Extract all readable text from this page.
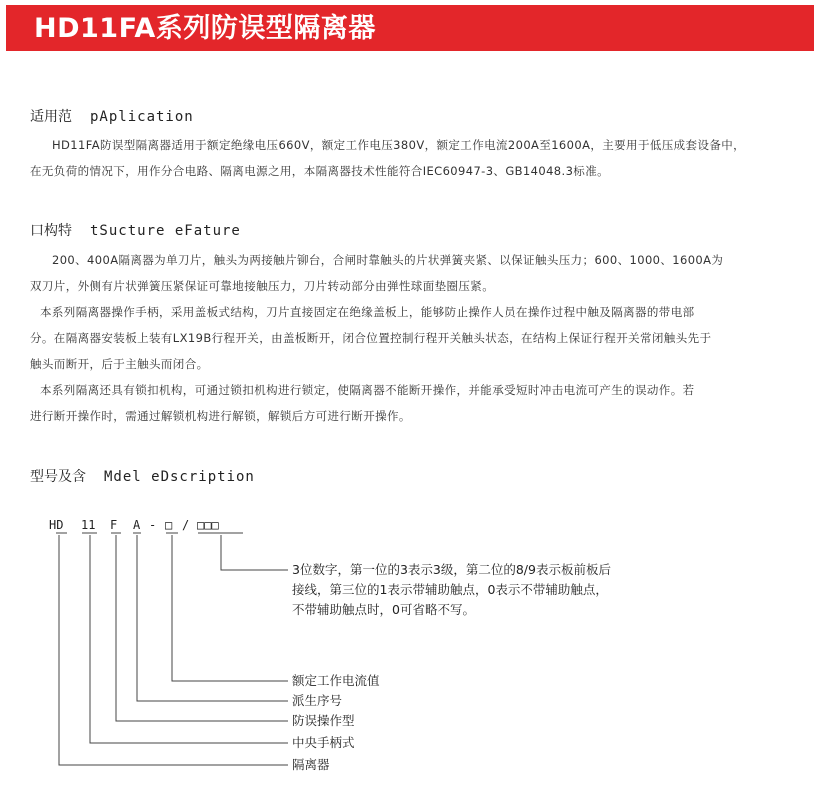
HD11FA系列防误型隔离器
适用范 pAplication

HD11FA防误型隔离器适用于额定绝缘电压660V，额定工作电压380V，额定工作电流200A至1600A，主要用于低压成套设备中，
在无负荷的情况下，用作分合电路、隔离电源之用，本隔离器技术性能符合IEC60947-3、GB14048.3标准。

口构特 tSucture eFature

200、400A隔离器为单刀片，触头为两接触片铆台，合闸时靠触头的片状弹簧夹紧、以保证触头压力；600、1000、1600A为
双刀片，外侧有片状弹簧压紧保证可靠地接触压力，刀片转动部分由弹性球面垫圈压紧。
本系列隔离器操作手柄，采用盖板式结构，刀片直接固定在绝缘盖板上，能够防止操作人员在操作过程中触及隔离器的带电部
分。在隔离器安装板上装有LX19B行程开关，由盖板断开，闭合位置控制行程开关触头状态，在结构上保证行程开关常闭触头先于
触头而断开，后于主触头而闭合。
本系列隔离还具有锁扣机构，可通过锁扣机构进行锁定，使隔离器不能断开操作，并能承受短时冲击电流可产生的误动作。若
进行断开操作时，需通过解锁机构进行解锁，解锁后方可进行断开操作。

型号及含 Mdel eDscription
HD 11 F A - □ / □□□

3位数字，第一位的3表示3级，第二位的8/9表示板前板后
接线，第三位的1表示带辅助触点，0表示不带辅助触点，
不带辅助触点时，0可省略不写。

额定工作电流值

派生序号

防误操作型

中央手柄式

隔离器
